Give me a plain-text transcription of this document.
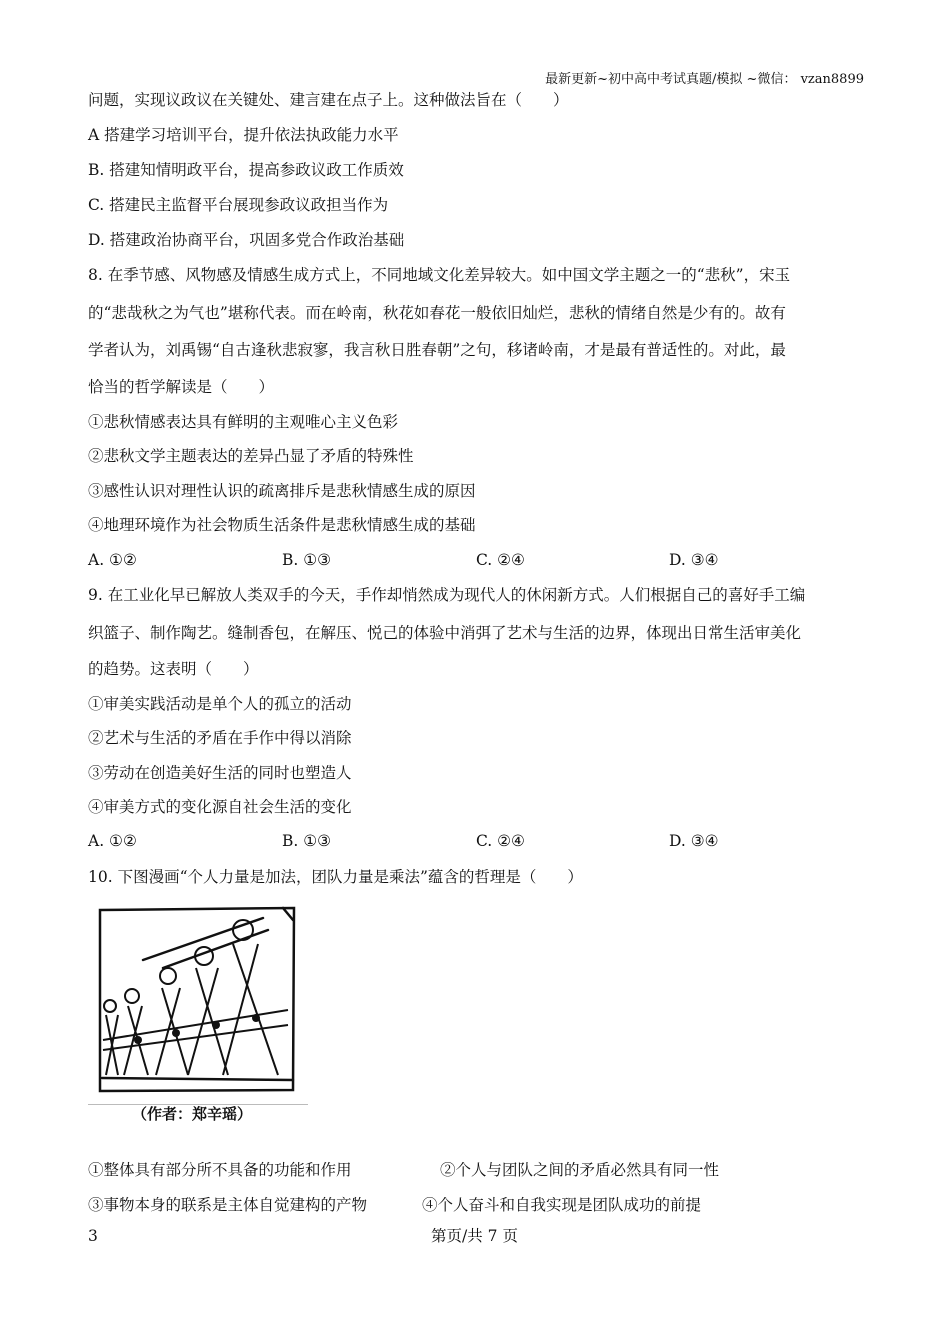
最新更新~初中高中考试真题/模拟 ~微信： vzan8899
问题，实现议政议在关键处、建言建在点子上。这种做法旨在（　　）
A 搭建学习培训平台，提升依法执政能力水平
B. 搭建知情明政平台，提高参政议政工作质效
C. 搭建民主监督平台展现参政议政担当作为
D. 搭建政治协商平台，巩固多党合作政治基础
8. 在季节感、风物感及情感生成方式上，不同地域文化差异较大。如中国文学主题之一的“悲秋”，宋玉
的“悲哉秋之为气也”堪称代表。而在岭南，秋花如春花一般依旧灿烂，悲秋的情绪自然是少有的。故有
学者认为，刘禹锡“自古逢秋悲寂寥，我言秋日胜春朝”之句，移诸岭南，才是最有普适性的。对此，最
恰当的哲学解读是（　　）
①悲秋情感表达具有鲜明的主观唯心主义色彩
②悲秋文学主题表达的差异凸显了矛盾的特殊性
③感性认识对理性认识的疏离排斥是悲秋情感生成的原因
④地理环境作为社会物质生活条件是悲秋情感生成的基础
A. ①②	B. ①③	C. ②④	D. ③④
9. 在工业化早已解放人类双手的今天，手作却悄然成为现代人的休闲新方式。人们根据自己的喜好手工编
织篮子、制作陶艺。缝制香包，在解压、悦己的体验中消弭了艺术与生活的边界，体现出日常生活审美化
的趋势。这表明（　　）
①审美实践活动是单个人的孤立的活动
②艺术与生活的矛盾在手作中得以消除
③劳动在创造美好生活的同时也塑造人
④审美方式的变化源自社会生活的变化
A. ①②	B. ①③	C. ②④	D. ③④
10. 下图漫画“个人力量是加法，团队力量是乘法”蕴含的哲理是（　　）
（作者：郑辛瑶）
①整体具有部分所不具备的功能和作用	②个人与团队之间的矛盾必然具有同一性
③事物本身的联系是主体自觉建构的产物	④个人奋斗和自我实现是团队成功的前提
3	第页/共 7 页
